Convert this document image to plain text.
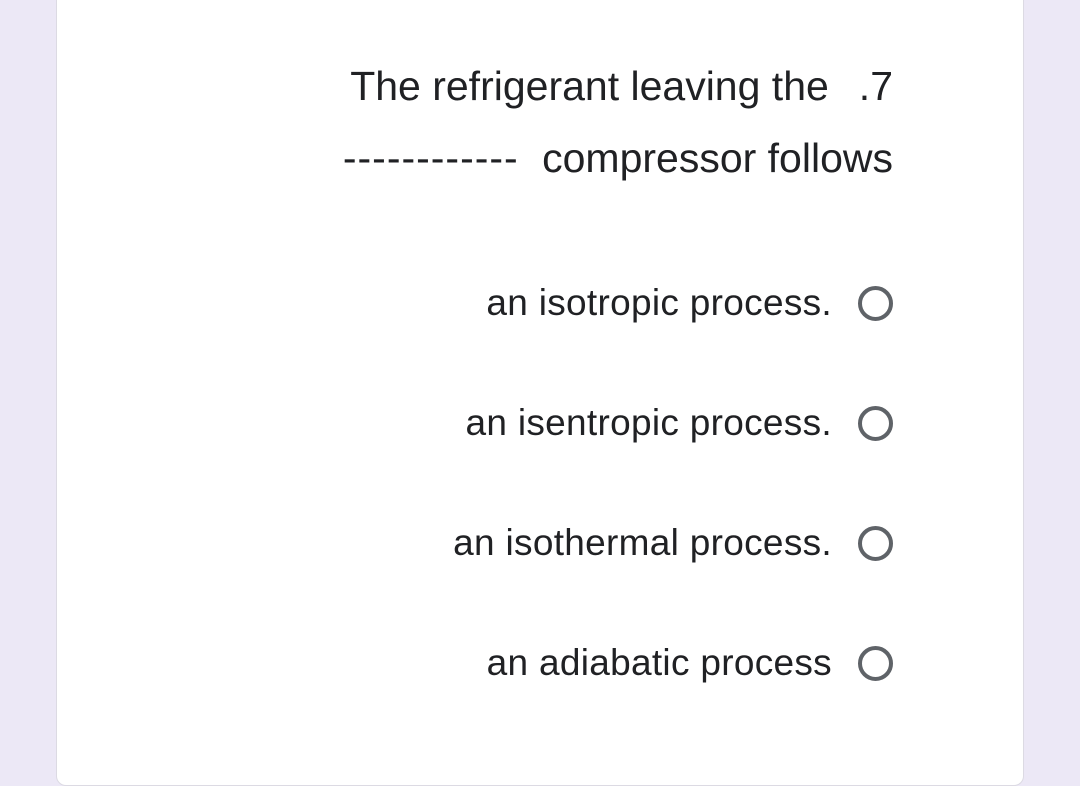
The refrigerant leaving the .7
------------ compressor follows
an isotropic process.
an isentropic process.
an isothermal process.
an adiabatic process
